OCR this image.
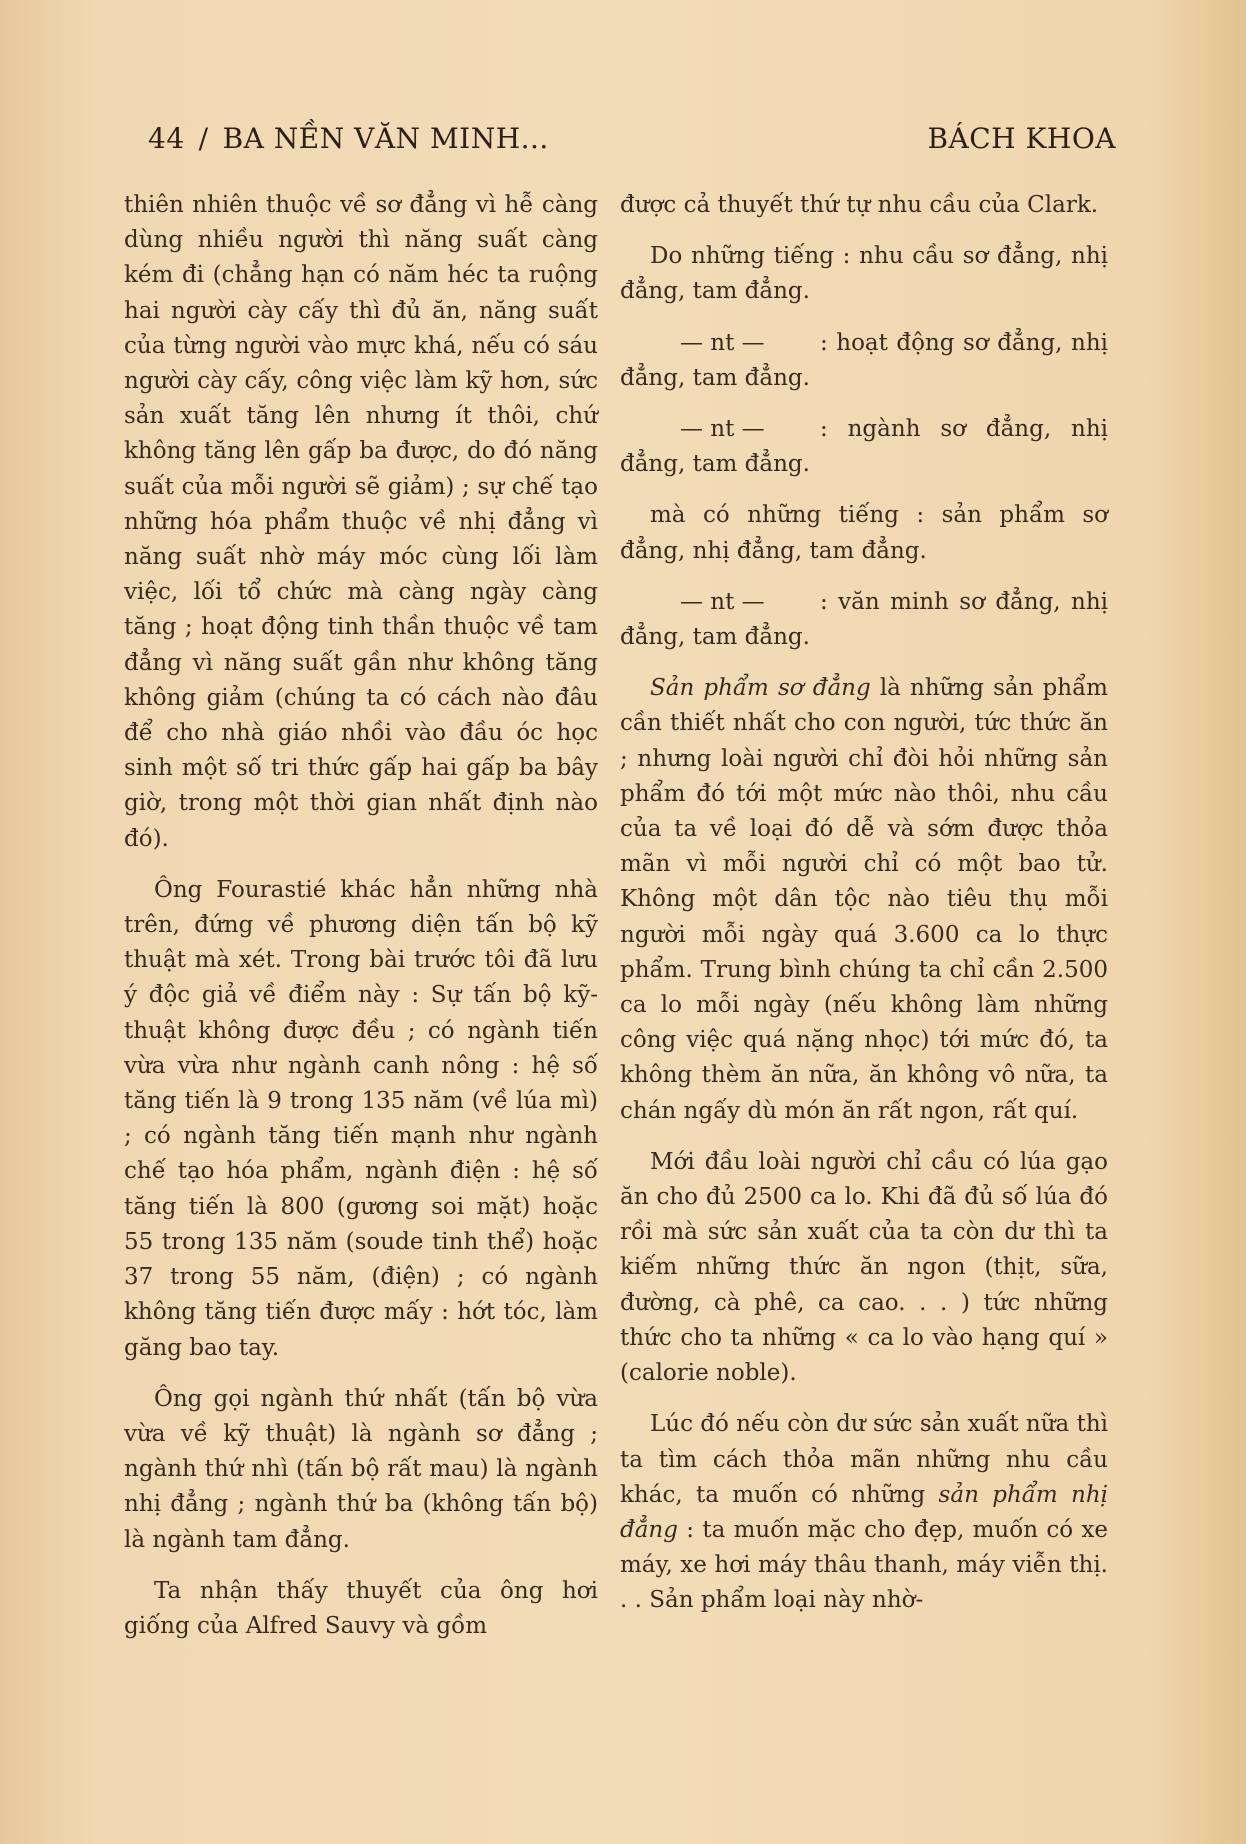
44 / BA NỀN VĂN MINH...	BÁCH KHOA

thiên nhiên thuộc về sơ đẳng vì hễ càng dùng nhiều người thì năng suất càng kém đi (chẳng hạn có năm héc ta ruộng hai người cày cấy thì đủ ăn, năng suất của từng người vào mực khá, nếu có sáu người cày cấy, công việc làm kỹ hơn, sức sản xuất tăng lên nhưng ít thôi, chứ không tăng lên gấp ba được, do đó năng suất của mỗi người sẽ giảm) ; sự chế tạo những hóa phẩm thuộc về nhị đẳng vì năng suất nhờ máy móc cùng lối làm việc, lối tổ chức mà càng ngày càng tăng ; hoạt động tinh thần thuộc về tam đẳng vì năng suất gần như không tăng không giảm (chúng ta có cách nào đâu để cho nhà giáo nhồi vào đầu óc học sinh một số tri thức gấp hai gấp ba bây giờ, trong một thời gian nhất định nào đó).

Ông Fourastié khác hẳn những nhà trên, đứng về phương diện tấn bộ kỹ thuật mà xét. Trong bài trước tôi đã lưu ý độc giả về điểm này : Sự tấn bộ kỹ-thuật không được đều ; có ngành tiến vừa vừa như ngành canh nông : hệ số tăng tiến là 9 trong 135 năm (về lúa mì) ; có ngành tăng tiến mạnh như ngành chế tạo hóa phẩm, ngành điện : hệ số tăng tiến là 800 (gương soi mặt) hoặc 55 trong 135 năm (soude tinh thể) hoặc 37 trong 55 năm, (điện) ; có ngành không tăng tiến được mấy : hớt tóc, làm găng bao tay.

Ông gọi ngành thứ nhất (tấn bộ vừa vừa về kỹ thuật) là ngành sơ đẳng ; ngành thứ nhì (tấn bộ rất mau) là ngành nhị đẳng ; ngành thứ ba (không tấn bộ) là ngành tam đẳng.

Ta nhận thấy thuyết của ông hơi giống của Alfred Sauvy và gồm

được cả thuyết thứ tự nhu cầu của Clark.

Do những tiếng : nhu cầu sơ đẳng, nhị đẳng, tam đẳng.

— nt — : hoạt động sơ đẳng, nhị đẳng, tam đẳng.

— nt — : ngành sơ đẳng, nhị đẳng, tam đẳng.

mà có những tiếng : sản phẩm sơ đẳng, nhị đẳng, tam đẳng.

— nt — : văn minh sơ đẳng, nhị đẳng, tam đẳng.

Sản phẩm sơ đẳng là những sản phẩm cần thiết nhất cho con người, tức thức ăn ; nhưng loài người chỉ đòi hỏi những sản phẩm đó tới một mức nào thôi, nhu cầu của ta về loại đó dễ và sớm được thỏa mãn vì mỗi người chỉ có một bao tử. Không một dân tộc nào tiêu thụ mỗi người mỗi ngày quá 3.600 ca lo thực phẩm. Trung bình chúng ta chỉ cần 2.500 ca lo mỗi ngày (nếu không làm những công việc quá nặng nhọc) tới mức đó, ta không thèm ăn nữa, ăn không vô nữa, ta chán ngấy dù món ăn rất ngon, rất quí.

Mới đầu loài người chỉ cầu có lúa gạo ăn cho đủ 2500 ca lo. Khi đã đủ số lúa đó rồi mà sức sản xuất của ta còn dư thì ta kiếm những thức ăn ngon (thịt, sữa, đường, cà phê, ca cao. . . ) tức những thức cho ta những « ca lo vào hạng quí » (calorie noble).

Lúc đó nếu còn dư sức sản xuất nữa thì ta tìm cách thỏa mãn những nhu cầu khác, ta muốn có những sản phẩm nhị đẳng : ta muốn mặc cho đẹp, muốn có xe máy, xe hơi máy thâu thanh, máy viễn thị. . . Sản phẩm loại này nhờ-
